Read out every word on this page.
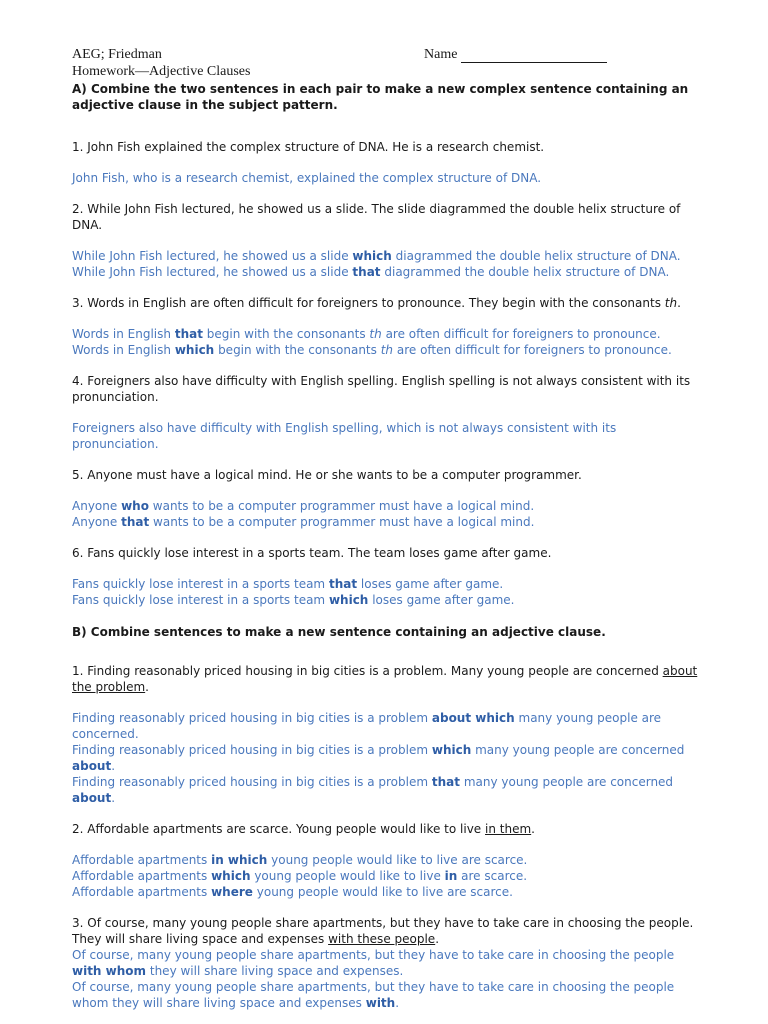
AEG; Friedman	Name
Homework—Adjective Clauses

A) Combine the two sentences in each pair to make a new complex sentence containing an adjective clause in the subject pattern.

1. John Fish explained the complex structure of DNA. He is a research chemist.

John Fish, who is a research chemist, explained the complex structure of DNA.

2. While John Fish lectured, he showed us a slide. The slide diagrammed the double helix structure of DNA.

While John Fish lectured, he showed us a slide which diagrammed the double helix structure of DNA.

While John Fish lectured, he showed us a slide that diagrammed the double helix structure of DNA.

3. Words in English are often difficult for foreigners to pronounce. They begin with the consonants th.

Words in English that begin with the consonants th are often difficult for foreigners to pronounce.

Words in English which begin with the consonants th are often difficult for foreigners to pronounce.

4. Foreigners also have difficulty with English spelling. English spelling is not always consistent with its pronunciation.

Foreigners also have difficulty with English spelling, which is not always consistent with its pronunciation.

5. Anyone must have a logical mind. He or she wants to be a computer programmer.

Anyone who wants to be a computer programmer must have a logical mind.

Anyone that wants to be a computer programmer must have a logical mind.

6. Fans quickly lose interest in a sports team. The team loses game after game.

Fans quickly lose interest in a sports team that loses game after game.

Fans quickly lose interest in a sports team which loses game after game.

B) Combine sentences to make a new sentence containing an adjective clause.

1. Finding reasonably priced housing in big cities is a problem. Many young people are concerned about the problem.

Finding reasonably priced housing in big cities is a problem about which many young people are concerned.

Finding reasonably priced housing in big cities is a problem which many young people are concerned about.

Finding reasonably priced housing in big cities is a problem that many young people are concerned about.

2. Affordable apartments are scarce. Young people would like to live in them.

Affordable apartments in which young people would like to live are scarce.

Affordable apartments which young people would like to live in are scarce.

Affordable apartments where young people would like to live are scarce.

3. Of course, many young people share apartments, but they have to take care in choosing the people. They will share living space and expenses with these people.

Of course, many young people share apartments, but they have to take care in choosing the people with whom they will share living space and expenses.

Of course, many young people share apartments, but they have to take care in choosing the people whom they will share living space and expenses with.
